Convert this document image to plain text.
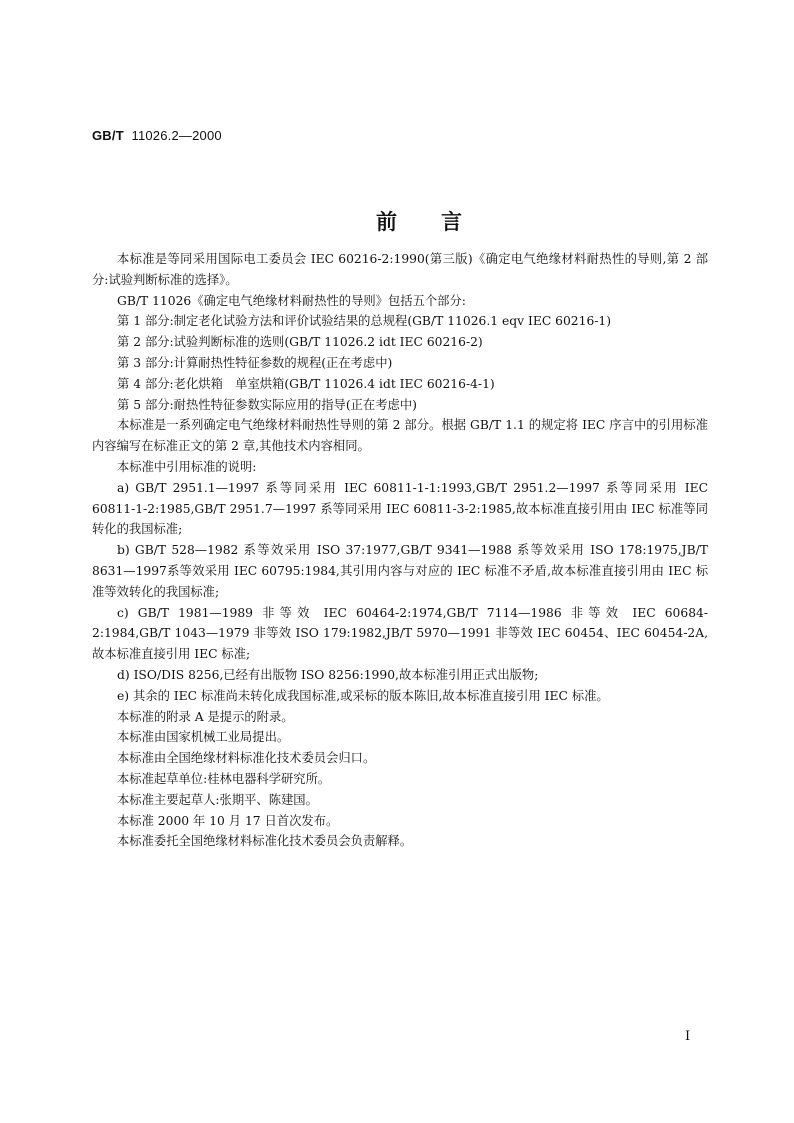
GB/T 11026.2—2000
前言

本标准是等同采用国际电工委员会 IEC 60216-2:1990(第三版)《确定电气绝缘材料耐热性的导则,第 2 部分:试验判断标准的选择》。

GB/T 11026《确定电气绝缘材料耐热性的导则》包括五个部分:

第 1 部分:制定老化试验方法和评价试验结果的总规程(GB/T 11026.1 eqv IEC 60216-1)

第 2 部分:试验判断标准的选则(GB/T 11026.2 idt IEC 60216-2)

第 3 部分:计算耐热性特征参数的规程(正在考虑中)

第 4 部分:老化烘箱　单室烘箱(GB/T 11026.4 idt IEC 60216-4-1)

第 5 部分:耐热性特征参数实际应用的指导(正在考虑中)

本标准是一系列确定电气绝缘材料耐热性导则的第 2 部分。根据 GB/T 1.1 的规定将 IEC 序言中的引用标准内容编写在标准正文的第 2 章,其他技术内容相同。

本标准中引用标准的说明:

a) GB/T 2951.1—1997 系等同采用 IEC 60811-1-1:1993,GB/T 2951.2—1997 系等同采用 IEC 60811-1-2:1985,GB/T 2951.7—1997 系等同采用 IEC 60811-3-2:1985,故本标准直接引用由 IEC 标准等同转化的我国标准;

b) GB/T 528—1982 系等效采用 ISO 37:1977,GB/T 9341—1988 系等效采用 ISO 178:1975,JB/T 8631—1997系等效采用 IEC 60795:1984,其引用内容与对应的 IEC 标准不矛盾,故本标准直接引用由 IEC 标准等效转化的我国标准;

c) GB/T 1981—1989 非等效 IEC 60464-2:1974,GB/T 7114—1986 非等效 IEC 60684-2:1984,GB/T 1043—1979 非等效 ISO 179:1982,JB/T 5970—1991 非等效 IEC 60454、IEC 60454-2A,故本标准直接引用 IEC 标准;

d) ISO/DIS 8256,已经有出版物 ISO 8256:1990,故本标准引用正式出版物;

e) 其余的 IEC 标准尚未转化成我国标准,或采标的版本陈旧,故本标准直接引用 IEC 标准。

本标准的附录 A 是提示的附录。

本标准由国家机械工业局提出。

本标准由全国绝缘材料标准化技术委员会归口。

本标准起草单位:桂林电器科学研究所。

本标准主要起草人:张期平、陈建国。

本标准 2000 年 10 月 17 日首次发布。

本标准委托全国绝缘材料标准化技术委员会负责解释。

I
